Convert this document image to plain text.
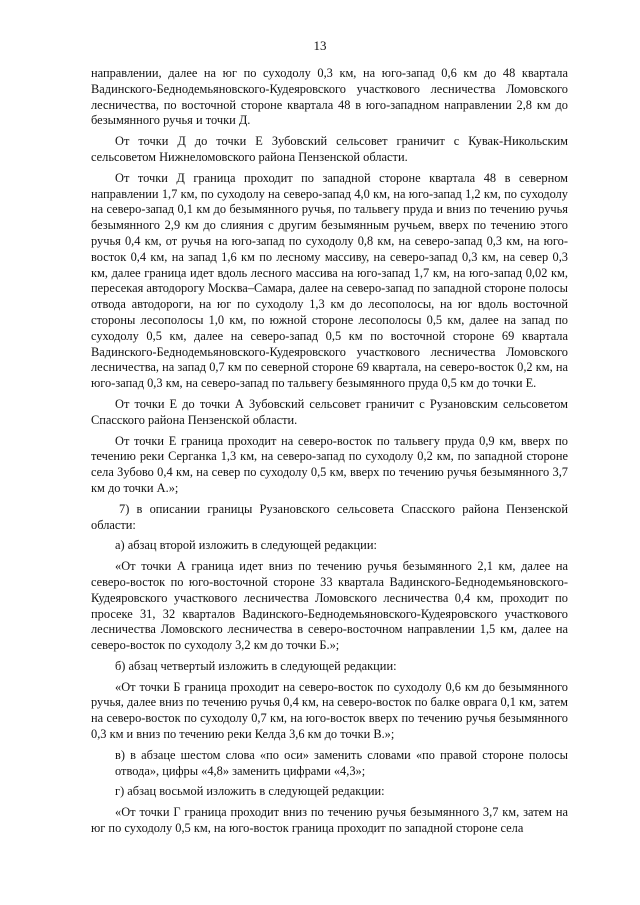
13

направлении, далее на юг по суходолу 0,3 км, на юго-запад 0,6 км до 48 квартала Вадинского-Беднодемьяновского-Кудеяровского участкового лесничества Ломовского лесничества, по восточной стороне квартала 48 в юго-западном направлении 2,8 км до безымянного ручья и точки Д.

От точки Д до точки Е Зубовский сельсовет граничит с Кувак-Никольским сельсоветом Нижнеломовского района Пензенской области.

От точки Д граница проходит по западной стороне квартала 48 в северном направлении 1,7 км, по суходолу на северо-запад 4,0 км, на юго-запад 1,2 км, по суходолу на северо-запад 0,1 км до безымянного ручья, по тальвегу пруда и вниз по течению ручья безымянного 2,9 км до слияния с другим безымянным ручьем, вверх по течению этого ручья 0,4 км, от ручья на юго-запад по суходолу 0,8 км, на северо-запад 0,3 км, на юго-восток 0,4 км, на запад 1,6 км по лесному массиву, на северо-запад 0,3 км, на север 0,3 км, далее граница идет вдоль лесного массива на юго-запад 1,7 км, на юго-запад 0,02 км, пересекая автодорогу Москва–Самара, далее на северо-запад по западной стороне полосы отвода автодороги, на юг по суходолу 1,3 км до лесополосы, на юг вдоль восточной стороны лесополосы 1,0 км, по южной стороне лесополосы 0,5 км, далее на запад по суходолу 0,5 км, далее на северо-запад 0,5 км по восточной стороне 69 квартала Вадинского-Беднодемьяновского-Кудеяровского участкового лесничества Ломовского лесничества, на запад 0,7 км по северной стороне 69 квартала, на северо-восток 0,2 км, на юго-запад 0,3 км, на северо-запад по тальвегу безымянного пруда 0,5 км до точки Е.

От точки Е до точки А Зубовский сельсовет граничит с Рузановским сельсоветом Спасского района Пензенской области.

От точки Е граница проходит на северо-восток по тальвегу пруда 0,9 км, вверх по течению реки Серганка 1,3 км, на северо-запад по суходолу 0,2 км, по западной стороне села Зубово 0,4 км, на север по суходолу 0,5 км, вверх по течению ручья безымянного 3,7 км до точки А.»;

7) в описании границы Рузановского сельсовета Спасского района Пензенской области:

а) абзац второй изложить в следующей редакции:

«От точки А граница идет вниз по течению ручья безымянного 2,1 км, далее на северо-восток по юго-восточной стороне 33 квартала Вадинского-Беднодемьяновского-Кудеяровского участкового лесничества Ломовского лесничества 0,4 км, проходит по просеке 31, 32 кварталов Вадинского-Беднодемьяновского-Кудеяровского участкового лесничества Ломовского лесничества в северо-восточном направлении 1,5 км, далее на северо-восток по суходолу 3,2 км до точки Б.»;

б) абзац четвертый изложить в следующей редакции:

«От точки Б граница проходит на северо-восток по суходолу 0,6 км до безымянного ручья, далее вниз по течению ручья 0,4 км, на северо-восток по балке оврага 0,1 км, затем на северо-восток по суходолу 0,7 км, на юго-восток вверх по течению ручья безымянного 0,3 км и вниз по течению реки Келда 3,6 км до точки В.»;

в) в абзаце шестом слова «по оси» заменить словами «по правой стороне полосы отвода», цифры «4,8» заменить цифрами «4,3»;

г) абзац восьмой изложить в следующей редакции:

«От точки Г граница проходит вниз по течению ручья безымянного 3,7 км, затем на юг по суходолу 0,5 км, на юго-восток граница проходит по западной стороне села
